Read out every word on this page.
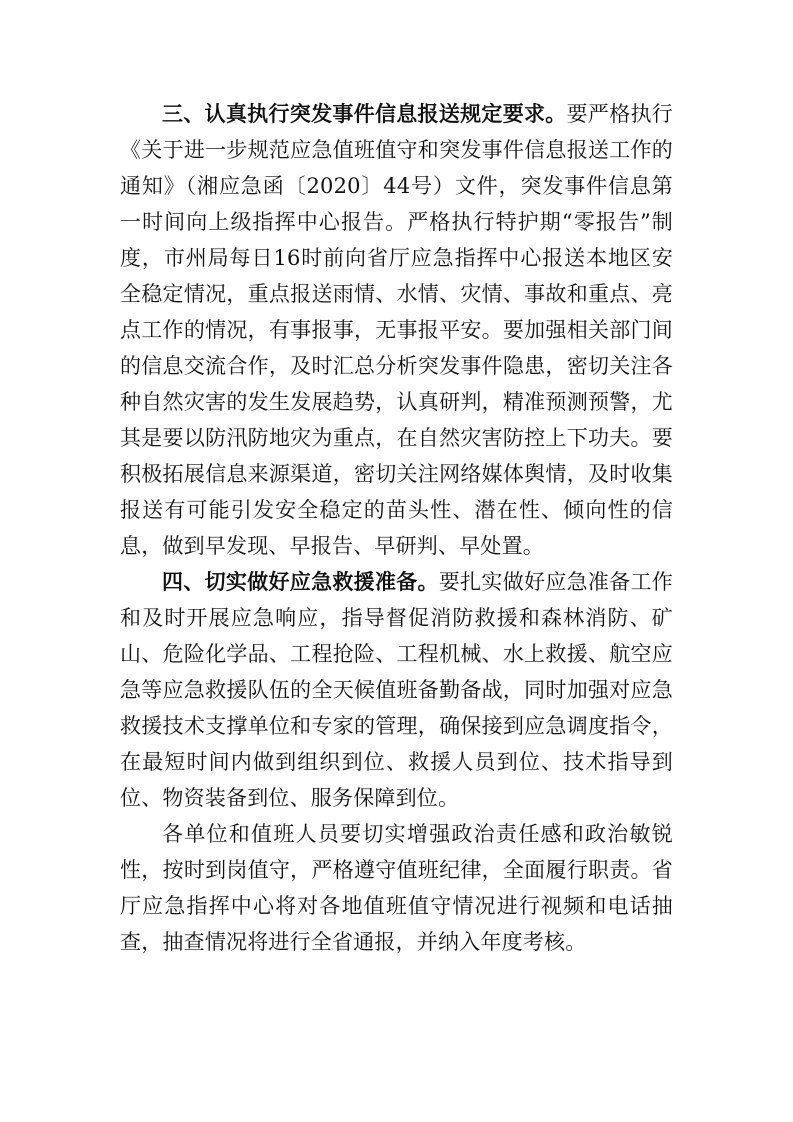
三、认真执行突发事件信息报送规定要求。要严格执行《关于进一步规范应急值班值守和突发事件信息报送工作的通知》（湘应急函〔2020〕44号）文件，突发事件信息第一时间向上级指挥中心报告。严格执行特护期“零报告”制度，市州局每日16时前向省厅应急指挥中心报送本地区安全稳定情况，重点报送雨情、水情、灾情、事故和重点、亮点工作的情况，有事报事，无事报平安。要加强相关部门间的信息交流合作，及时汇总分析突发事件隐患，密切关注各种自然灾害的发生发展趋势，认真研判，精准预测预警，尤其是要以防汛防地灾为重点，在自然灾害防控上下功夫。要积极拓展信息来源渠道，密切关注网络媒体舆情，及时收集报送有可能引发安全稳定的苗头性、潜在性、倾向性的信息，做到早发现、早报告、早研判、早处置。

四、切实做好应急救援准备。要扎实做好应急准备工作和及时开展应急响应，指导督促消防救援和森林消防、矿山、危险化学品、工程抢险、工程机械、水上救援、航空应急等应急救援队伍的全天候值班备勤备战，同时加强对应急救援技术支撑单位和专家的管理，确保接到应急调度指令，在最短时间内做到组织到位、救援人员到位、技术指导到位、物资装备到位、服务保障到位。

各单位和值班人员要切实增强政治责任感和政治敏锐性，按时到岗值守，严格遵守值班纪律，全面履行职责。省厅应急指挥中心将对各地值班值守情况进行视频和电话抽查，抽查情况将进行全省通报，并纳入年度考核。
